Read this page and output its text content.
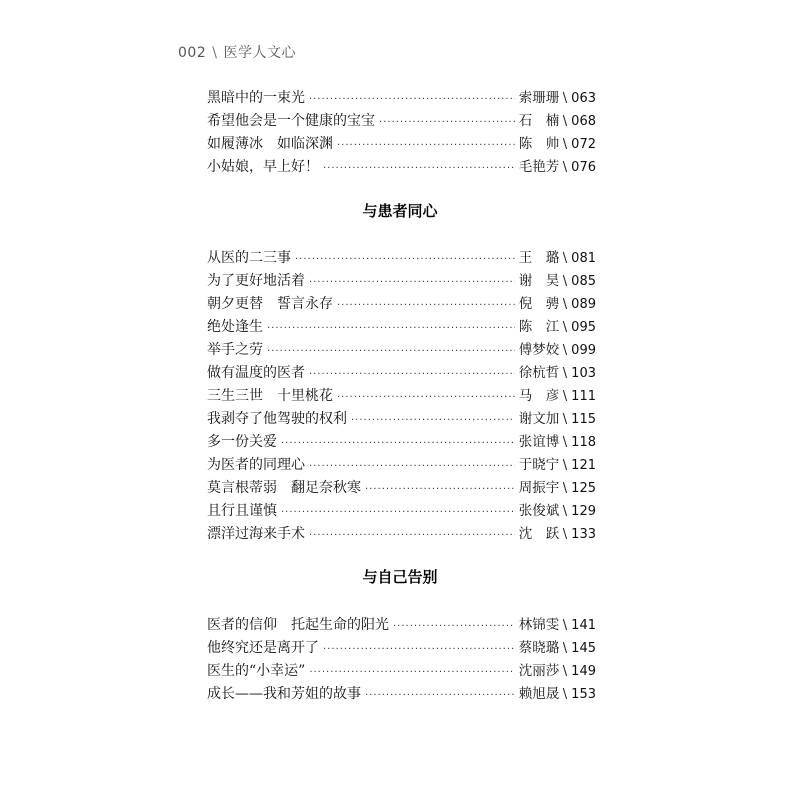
002 \ 医学人文心
与患者同心
与自己告别
黑暗中的一束光 ·····	索珊珊 \ 063
希望他会是一个健康的宝宝 ·····	石　楠 \ 068
如履薄冰　如临深渊 ·····	陈　帅 \ 072
小姑娘，早上好！ ·····	毛艳芳 \ 076
从医的二三事 ·····	王　璐 \ 081
为了更好地活着 ·····	谢　昊 \ 085
朝夕更替　誓言永存 ·····	倪　骋 \ 089
绝处逢生 ·····	陈　江 \ 095
举手之劳 ·····	傅梦姣 \ 099
做有温度的医者 ·····	徐杭哲 \ 103
三生三世　十里桃花 ·····	马　彦 \ 111
我剥夺了他驾驶的权利 ·····	谢文加 \ 115
多一份关爱 ·····	张谊博 \ 118
为医者的同理心 ·····	于晓宁 \ 121
莫言根蒂弱　翻足奈秋寒 ·····	周振宇 \ 125
且行且谨慎 ·····	张俊斌 \ 129
漂洋过海来手术 ·····	沈　跃 \ 133
医者的信仰　托起生命的阳光 ·····	林锦雯 \ 141
他终究还是离开了 ·····	蔡晓璐 \ 145
医生的“小幸运” ·····	沈丽莎 \ 149
成长——我和芳姐的故事 ·····	赖旭晟 \ 153
